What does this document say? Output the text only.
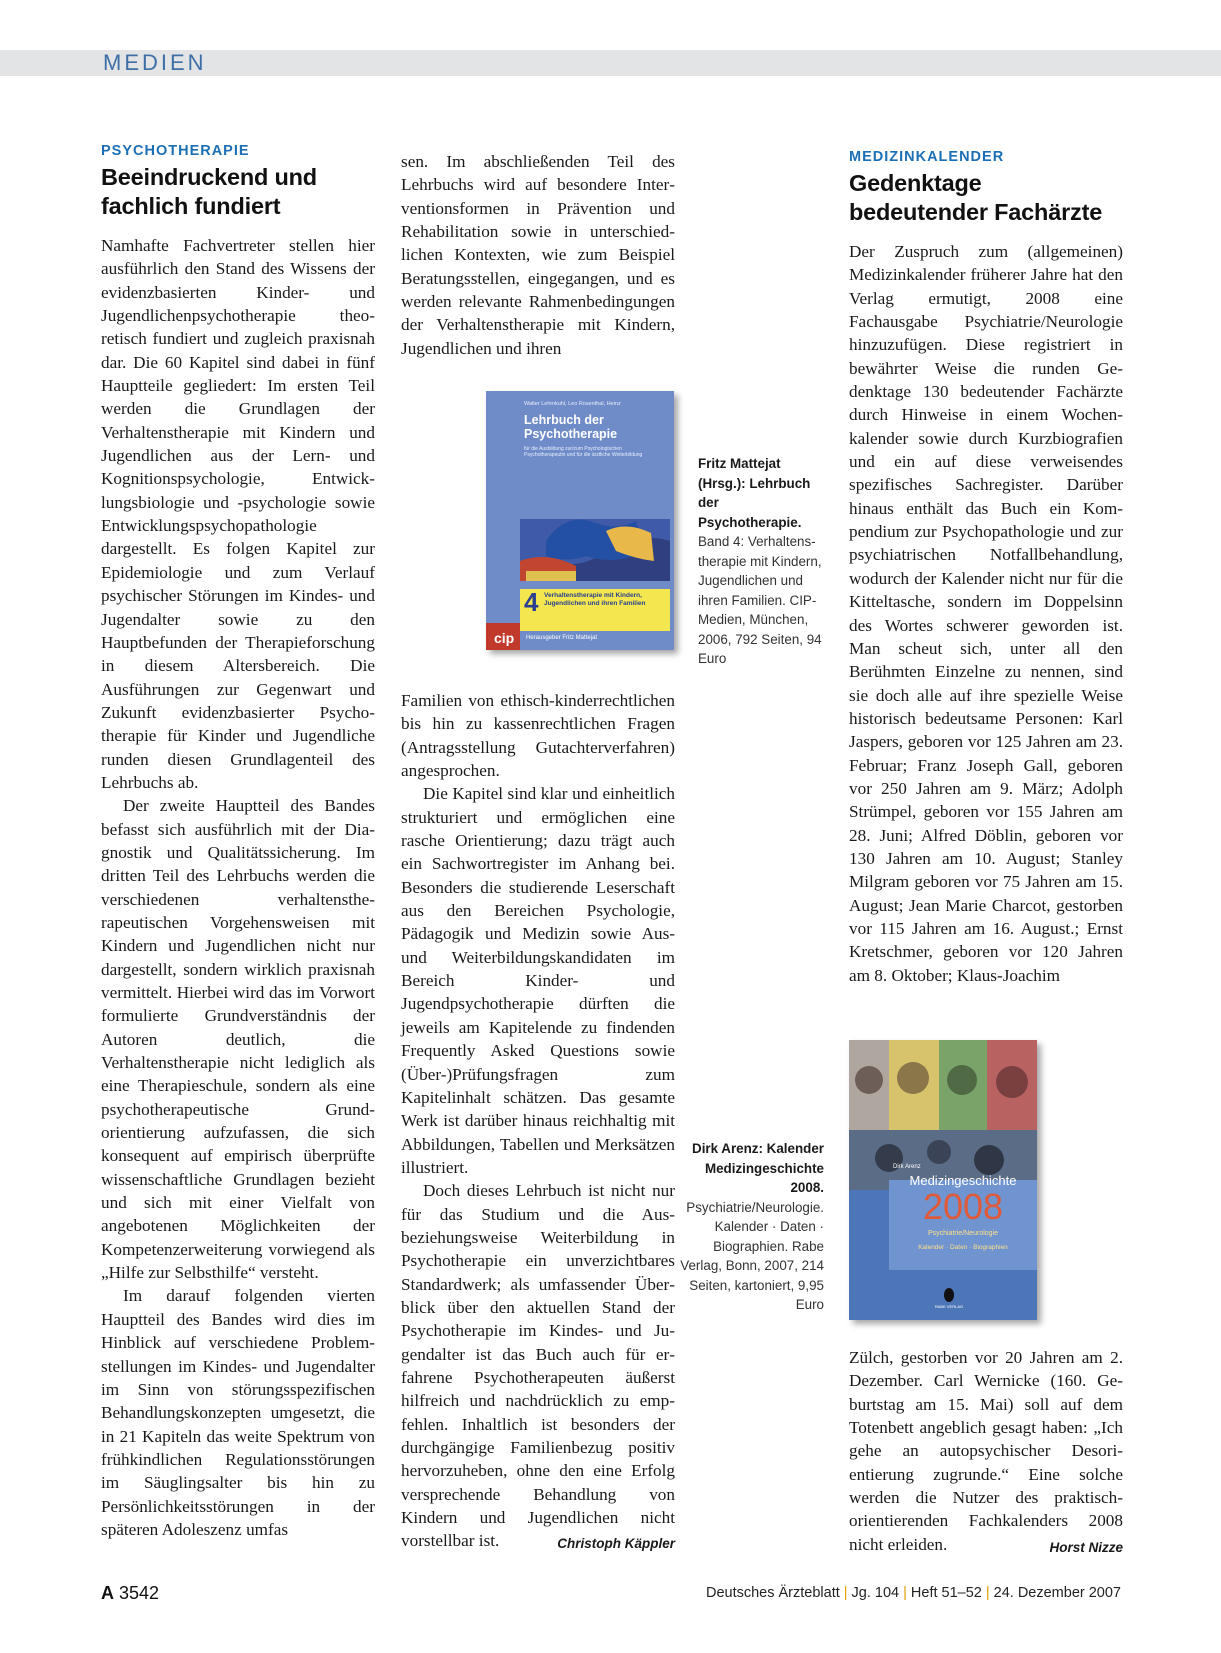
MEDIEN
PSYCHOTHERAPIE
Beeindruckend und fachlich fundiert

Namhafte Fachvertreter stellen hier ausführlich den Stand des Wissens der evidenzbasierten Kinder- und Jugendlichenpsychotherapie theoretisch fundiert und zugleich praxisnah dar. Die 60 Kapitel sind dabei in fünf Hauptteile gegliedert: Im ersten Teil werden die Grundlagen der Verhaltenstherapie mit Kindern und Jugendlichen aus der Lern- und Kognitionspsychologie, Entwicklungsbiologie und -psychologie sowie Entwicklungspsychopathologie dargestellt. Es folgen Kapitel zur Epidemiologie und zum Verlauf psychischer Störungen im Kindes- und Jugendalter sowie zu den Hauptbefunden der Therapieforschung in diesem Altersbereich. Die Ausführungen zur Gegenwart und Zukunft evidenzbasierter Psychotherapie für Kinder und Jugendliche runden diesen Grundlagenteil des Lehrbuchs ab.

Der zweite Hauptteil des Bandes befasst sich ausführlich mit der Diagnostik und Qualitätssicherung. Im dritten Teil des Lehrbuchs werden die verschiedenen verhaltenstherapeutischen Vorgehensweisen mit Kindern und Jugendlichen nicht nur dargestellt, sondern wirklich praxisnah vermittelt. Hierbei wird das im Vorwort formulierte Grundverständnis der Autoren deutlich, die Verhaltenstherapie nicht lediglich als eine Therapieschule, sondern als eine psychotherapeutische Grundorientierung aufzufassen, die sich konsequent auf empirisch überprüfte wissenschaftliche Grundlagen bezieht und sich mit einer Vielfalt von angebotenen Möglichkeiten der Kompetenzerweiterung vorwiegend als „Hilfe zur Selbsthilfe“ versteht.

Im darauf folgenden vierten Hauptteil des Bandes wird dies im Hinblick auf verschiedene Problemstellungen im Kindes- und Jugendalter im Sinn von störungsspezifischen Behandlungskonzepten umgesetzt, die in 21 Kapiteln das weite Spektrum von frühkindlichen Regulationsstörungen im Säuglingsalter bis hin zu Persönlichkeitsstörungen in der späteren Adoleszenz umfas

sen. Im abschließenden Teil des Lehrbuchs wird auf besondere Interventionsformen in Prävention und Rehabilitation sowie in unterschiedlichen Kontexten, wie zum Beispiel Beratungsstellen, eingegangen, und es werden relevante Rahmenbedingungen der Verhaltenstherapie mit Kindern, Jugendlichen und ihren

cip
Walter Lehmkuhl, Leo Rosenthal, Heinz
Lehrbuch der Psychotherapie
für die Ausbildung zur/zum Psychologischen Psychotherapeutin und für die ärztliche Weiterbildung
4 Verhaltenstherapie mit Kindern, Jugendlichen und ihren Familien
Herausgeber Fritz Mattejat
Fritz Mattejat (Hrsg.): Lehrbuch der Psychotherapie. Band 4: Verhaltenstherapie mit Kindern, Jugendlichen und ihren Familien. CIP-Medien, München, 2006, 792 Seiten, 94 Euro

Familien von ethisch-kinderrechtlichen bis hin zu kassenrechtlichen Fragen (Antragsstellung Gutachterverfahren) angesprochen.

Die Kapitel sind klar und einheitlich strukturiert und ermöglichen eine rasche Orientierung; dazu trägt auch ein Sachwortregister im Anhang bei. Besonders die studierende Leserschaft aus den Bereichen Psychologie, Pädagogik und Medizin sowie Aus- und Weiterbildungskandidaten im Bereich Kinder- und Jugendpsychotherapie dürften die jeweils am Kapitelende zu findenden Frequently Asked Questions sowie (Über-)Prüfungsfragen zum Kapitelinhalt schätzen. Das gesamte Werk ist darüber hinaus reichhaltig mit Abbildungen, Tabellen und Merksätzen illustriert.

Doch dieses Lehrbuch ist nicht nur für das Studium und die Ausbeziehungsweise Weiterbildung in Psychotherapie ein unverzichtbares Standardwerk; als umfassender Überblick über den aktuellen Stand der Psychotherapie im Kindes- und Jugendalter ist das Buch auch für erfahrene Psychotherapeuten äußerst hilfreich und nachdrücklich zu empfehlen. Inhaltlich ist besonders der durchgängige Familienbezug positiv hervorzuheben, ohne den eine Erfolg versprechende Behandlung von Kindern und Jugendlichen nicht vorstellbar ist.	Christoph Käppler

MEDIZINKALENDER
Gedenktage bedeutender Fachärzte

Der Zuspruch zum (allgemeinen) Medizinkalender früherer Jahre hat den Verlag ermutigt, 2008 eine Fachausgabe Psychiatrie/Neurologie hinzuzufügen. Diese registriert in bewährter Weise die runden Gedenktage 130 bedeutender Fachärzte durch Hinweise in einem Wochenkalender sowie durch Kurzbiografien und ein auf diese verweisendes spezifisches Sachregister. Darüber hinaus enthält das Buch ein Kompendium zur Psychopathologie und zur psychiatrischen Notfallbehandlung, wodurch der Kalender nicht nur für die Kitteltasche, sondern im Doppelsinn des Wortes schwerer geworden ist. Man scheut sich, unter all den Berühmten Einzelne zu nennen, sind sie doch alle auf ihre spezielle Weise historisch bedeutsame Personen: Karl Jaspers, geboren vor 125 Jahren am 23. Februar; Franz Joseph Gall, geboren vor 250 Jahren am 9. März; Adolph Strümpel, geboren vor 155 Jahren am 28. Juni; Alfred Döblin, geboren vor 130 Jahren am 10. August; Stanley Milgram geboren vor 75 Jahren am 15. August; Jean Marie Charcot, gestorben vor 115 Jahren am 16. August.; Ernst Kretschmer, geboren vor 120 Jahren am 8. Oktober; Klaus-Joachim

Dirk Arenz
Medizingeschichte
2008
Psychiatrie/Neurologie
Kalender · Daten · Biographien
RABE VERLAG
Dirk Arenz: Kalender Medizingeschichte 2008. Psychiatrie/Neurologie. Kalender · Daten · Biographien. Rabe Verlag, Bonn, 2007, 214 Seiten, kartoniert, 9,95 Euro

Zülch, gestorben vor 20 Jahren am 2. Dezember. Carl Wernicke (160. Geburtstag am 15. Mai) soll auf dem Totenbett angeblich gesagt haben: „Ich gehe an autopsychischer Desorientierung zugrunde.“ Eine solche werden die Nutzer des praktisch-orientierenden Fachkalenders 2008 nicht erleiden.	Horst Nizze

A 3542	Deutsches Ärzteblatt | Jg. 104 | Heft 51–52 | 24. Dezember 2007
